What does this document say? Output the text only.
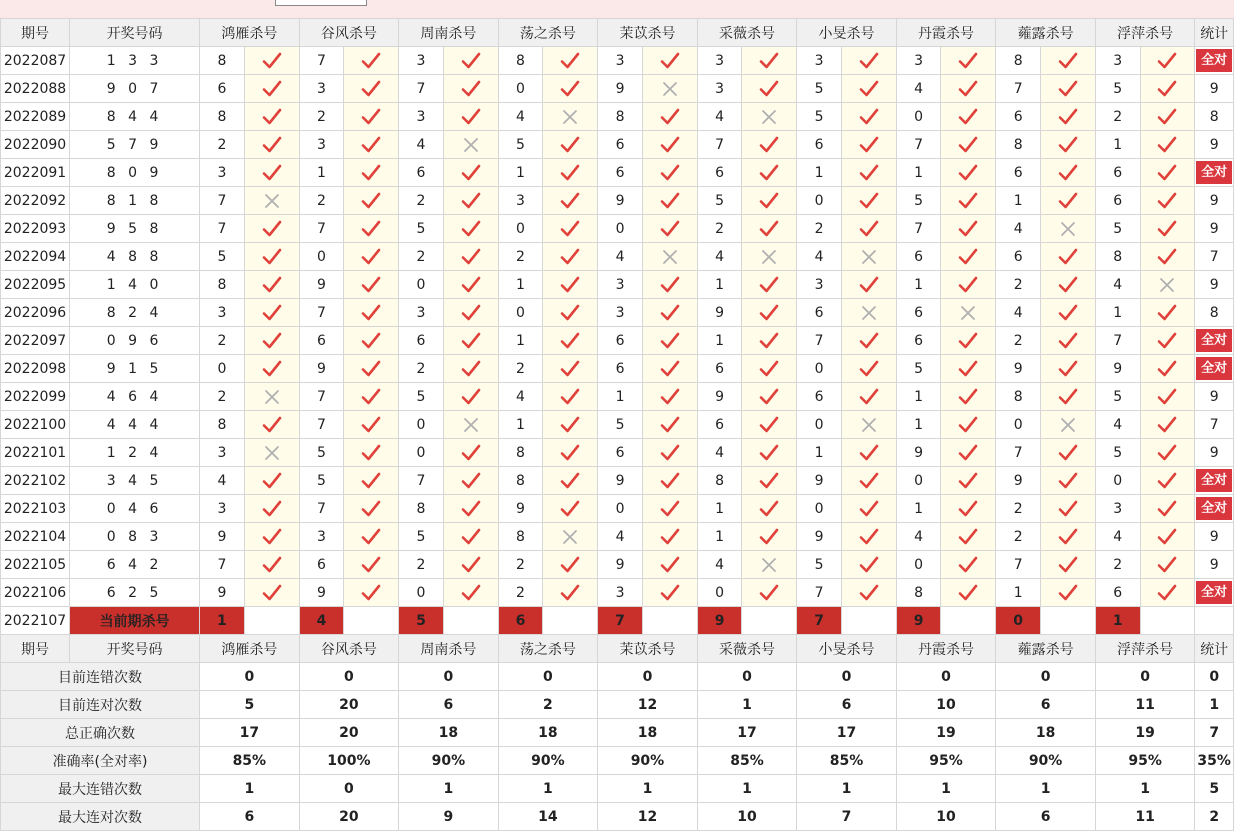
期号	开奖号码	鸿雁杀号		谷风杀号		周南杀号		荡之杀号		茉苡杀号		采薇杀号		小旻杀号		丹霞杀号		蕹露杀号		浮萍杀号		统计
2022087	1 3 3	8		7		3		8		3		3		3		3		8		3		全对
2022088	9 0 7	6		3		7		0		9		3		5		4		7		5		9
2022089	8 4 4	8		2		3		4		8		4		5		0		6		2		8
2022090	5 7 9	2		3		4		5		6		7		6		7		8		1		9
2022091	8 0 9	3		1		6		1		6		6		1		1		6		6		全对
2022092	8 1 8	7		2		2		3		9		5		0		5		1		6		9
2022093	9 5 8	7		7		5		0		0		2		2		7		4		5		9
2022094	4 8 8	5		0		2		2		4		4		4		6		6		8		7
2022095	1 4 0	8		9		0		1		3		1		3		1		2		4		9
2022096	8 2 4	3		7		3		0		3		9		6		6		4		1		8
2022097	0 9 6	2		6		6		1		6		1		7		6		2		7		全对
2022098	9 1 5	0		9		2		2		6		6		0		5		9		9		全对
2022099	4 6 4	2		7		5		4		1		9		6		1		8		5		9
2022100	4 4 4	8		7		0		1		5		6		0		1		0		4		7
2022101	1 2 4	3		5		0		8		6		4		1		9		7		5		9
2022102	3 4 5	4		5		7		8		9		8		9		0		9		0		全对
2022103	0 4 6	3		7		8		9		0		1		0		1		2		3		全对
2022104	0 8 3	9		3		5		8		4		1		9		4		2		4		9
2022105	6 4 2	7		6		2		2		9		4		5		0		7		2		9
2022106	6 2 5	9		9		0		2		3		0		7		8		1		6		全对
2022107	当前期杀号	1		4		5		6		7		9		7		9		0		1		
期号	开奖号码	鸿雁杀号		谷风杀号		周南杀号		荡之杀号		茉苡杀号		采薇杀号		小旻杀号		丹霞杀号		蕹露杀号		浮萍杀号		统计
目前连错次数		0		0		0		0		0		0		0		0		0		0		0
目前连对次数		5		20		6		2		12		1		6		10		6		11		1
总正确次数		17		20		18		18		18		17		17		19		18		19		7
准确率(全对率)		85%		100%		90%		90%		90%		85%		85%		95%		90%		95%		35%
最大连错次数		1		0		1		1		1		1		1		1		1		1		5
最大连对次数		6		20		9		14		12		10		7		10		6		11		2
